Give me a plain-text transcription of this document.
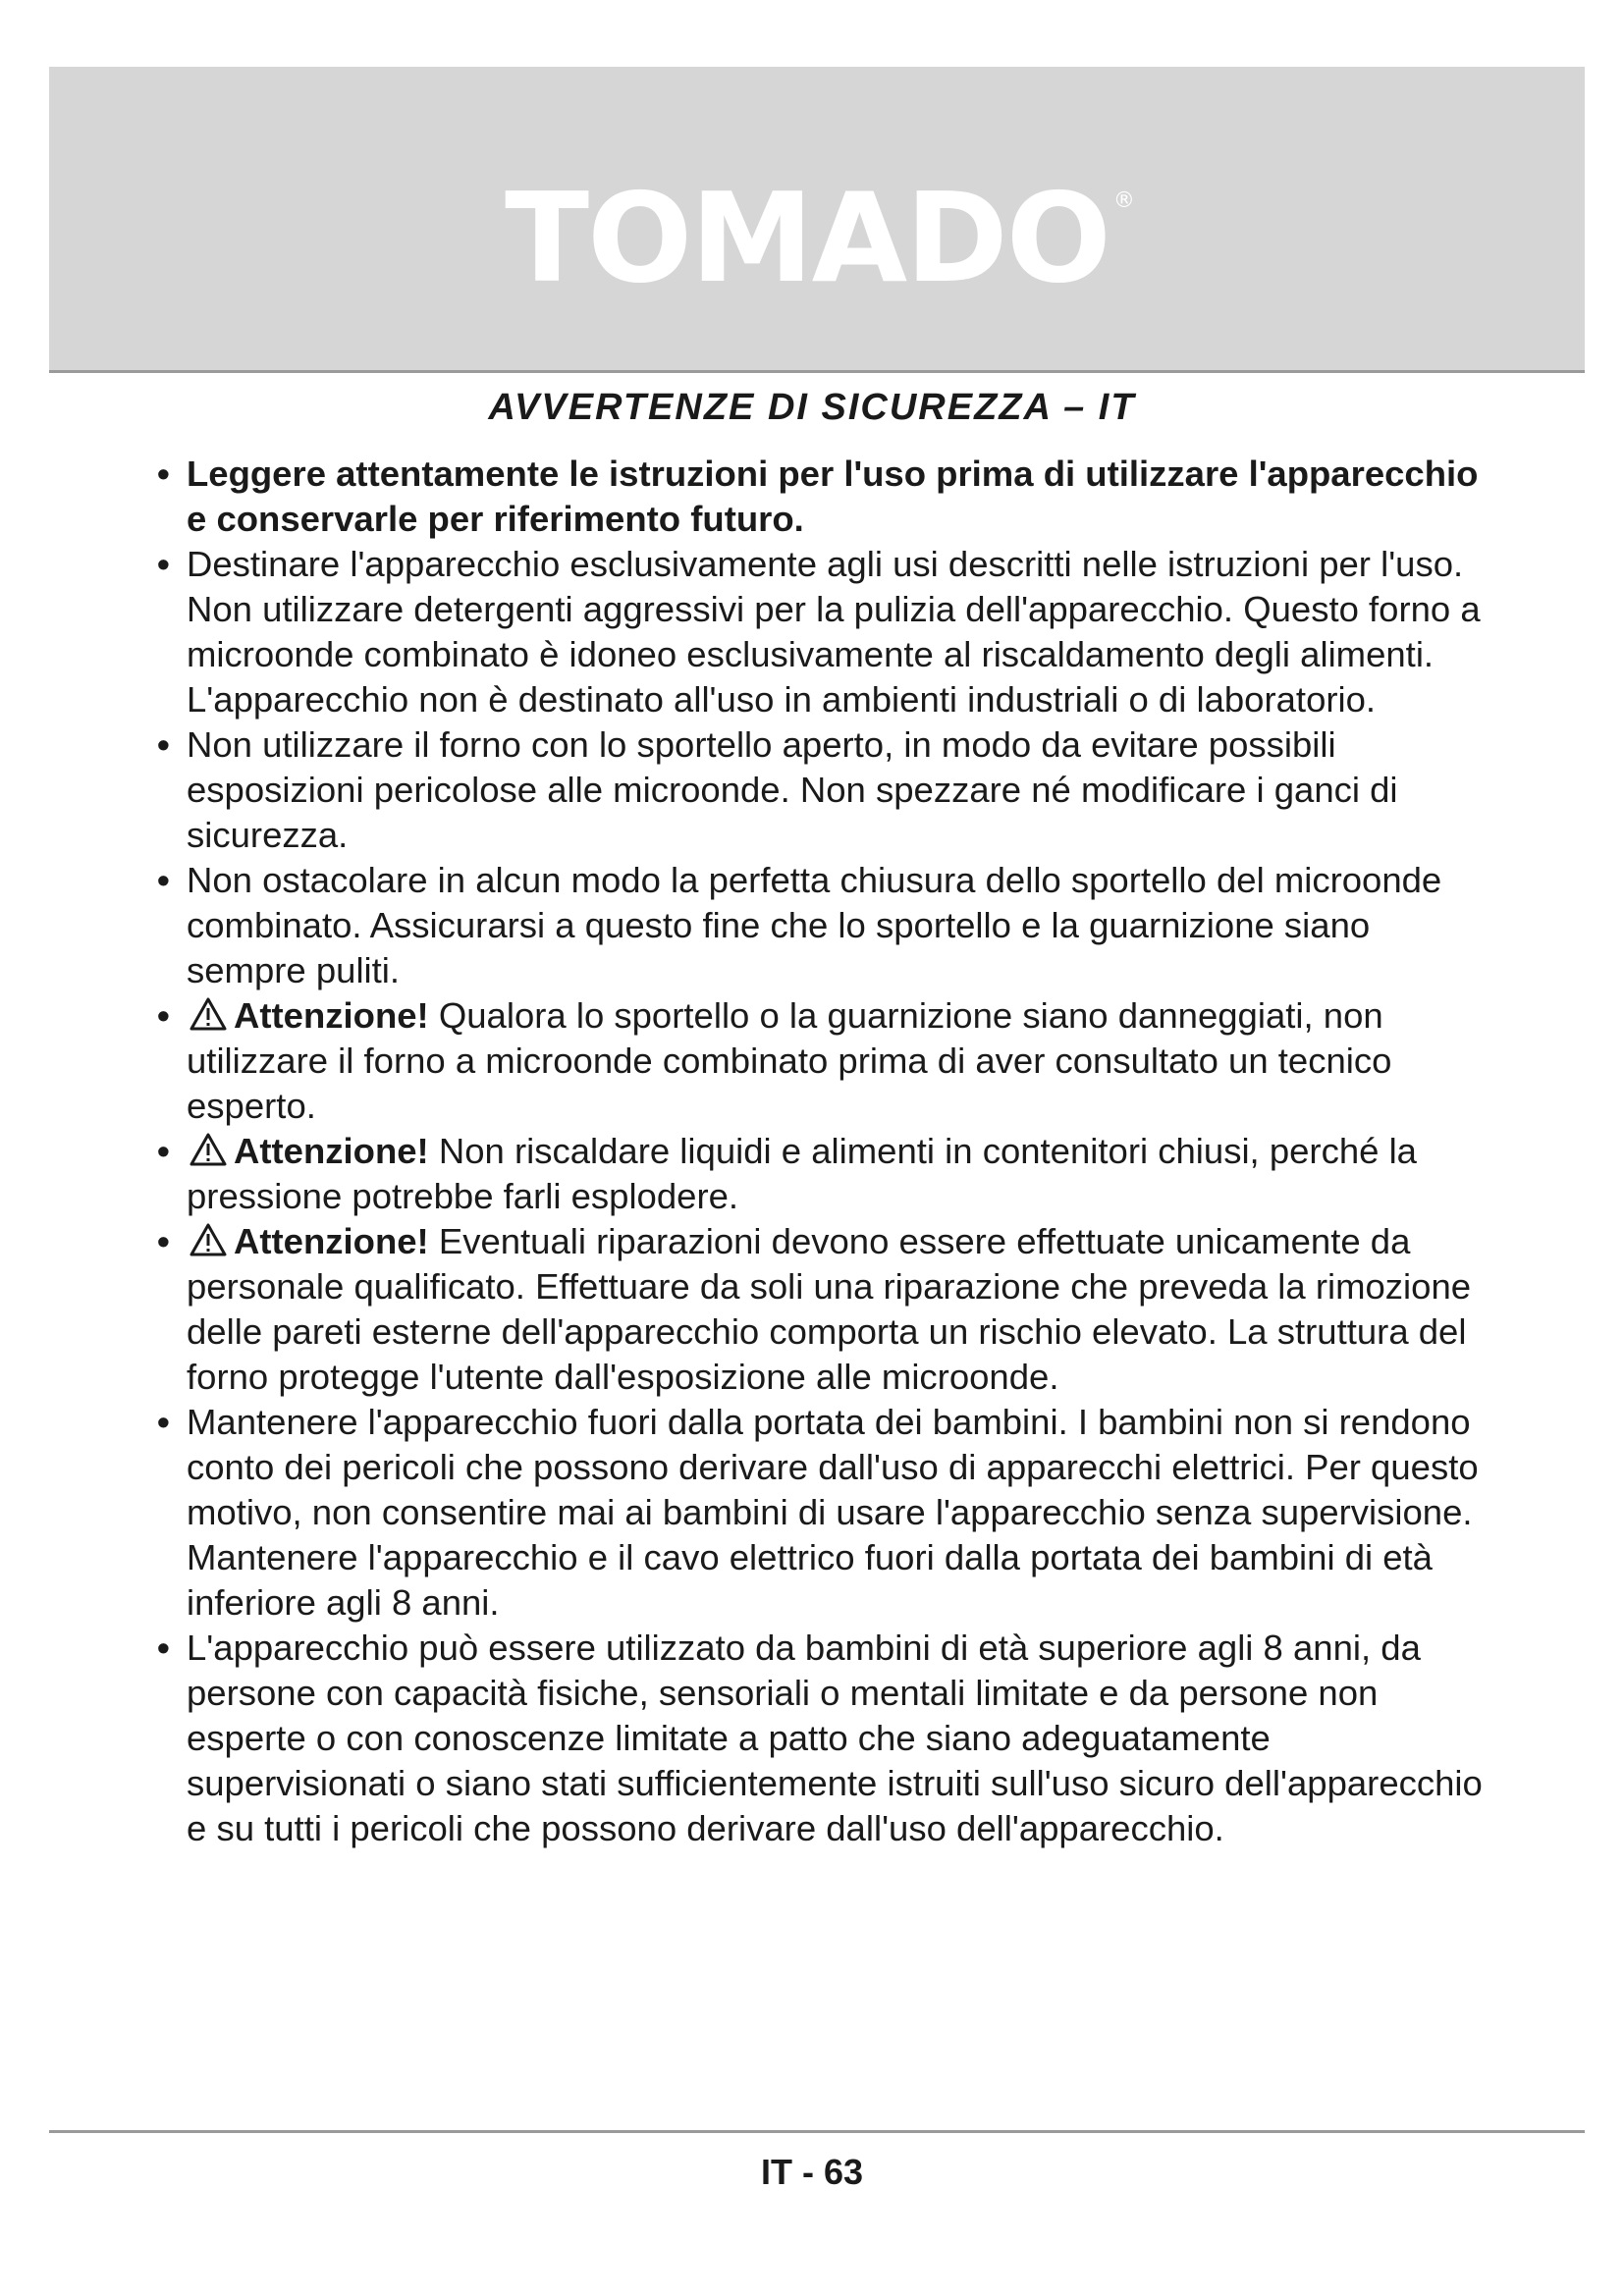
TOMADO ®
AVVERTENZE DI SICUREZZA – IT
• Leggere attentamente le istruzioni per l'uso prima di utilizzare l'apparecchio e conservarle per riferimento futuro.
• Destinare l'apparecchio esclusivamente agli usi descritti nelle istruzioni per l'uso. Non utilizzare detergenti aggressivi per la pulizia dell'apparecchio. Questo forno a microonde combinato è idoneo esclusivamente al riscaldamento degli alimenti. L'apparecchio non è destinato all'uso in ambienti industriali o di laboratorio.
• Non utilizzare il forno con lo sportello aperto, in modo da evitare possibili esposizioni pericolose alle microonde. Non spezzare né modificare i ganci di sicurezza.
• Non ostacolare in alcun modo la perfetta chiusura dello sportello del microonde combinato. Assicurarsi a questo fine che lo sportello e la guarnizione siano sempre puliti.
• Attenzione! Qualora lo sportello o la guarnizione siano danneggiati, non utilizzare il forno a microonde combinato prima di aver consultato un tecnico esperto.
• Attenzione! Non riscaldare liquidi e alimenti in contenitori chiusi, perché la pressione potrebbe farli esplodere.
• Attenzione! Eventuali riparazioni devono essere effettuate unicamente da personale qualificato. Effettuare da soli una riparazione che preveda la rimozione delle pareti esterne dell'apparecchio comporta un rischio elevato. La struttura del forno protegge l'utente dall'esposizione alle microonde.
• Mantenere l'apparecchio fuori dalla portata dei bambini. I bambini non si rendono conto dei pericoli che possono derivare dall'uso di apparecchi elettrici. Per questo motivo, non consentire mai ai bambini di usare l'apparecchio senza supervisione. Mantenere l'apparecchio e il cavo elettrico fuori dalla portata dei bambini di età inferiore agli 8 anni.
• L'apparecchio può essere utilizzato da bambini di età superiore agli 8 anni, da persone con capacità fisiche, sensoriali o mentali limitate e da persone non esperte o con conoscenze limitate a patto che siano adeguatamente supervisionati o siano stati sufficientemente istruiti sull'uso sicuro dell'apparecchio e su tutti i pericoli che possono derivare dall'uso dell'apparecchio.
IT - 63
